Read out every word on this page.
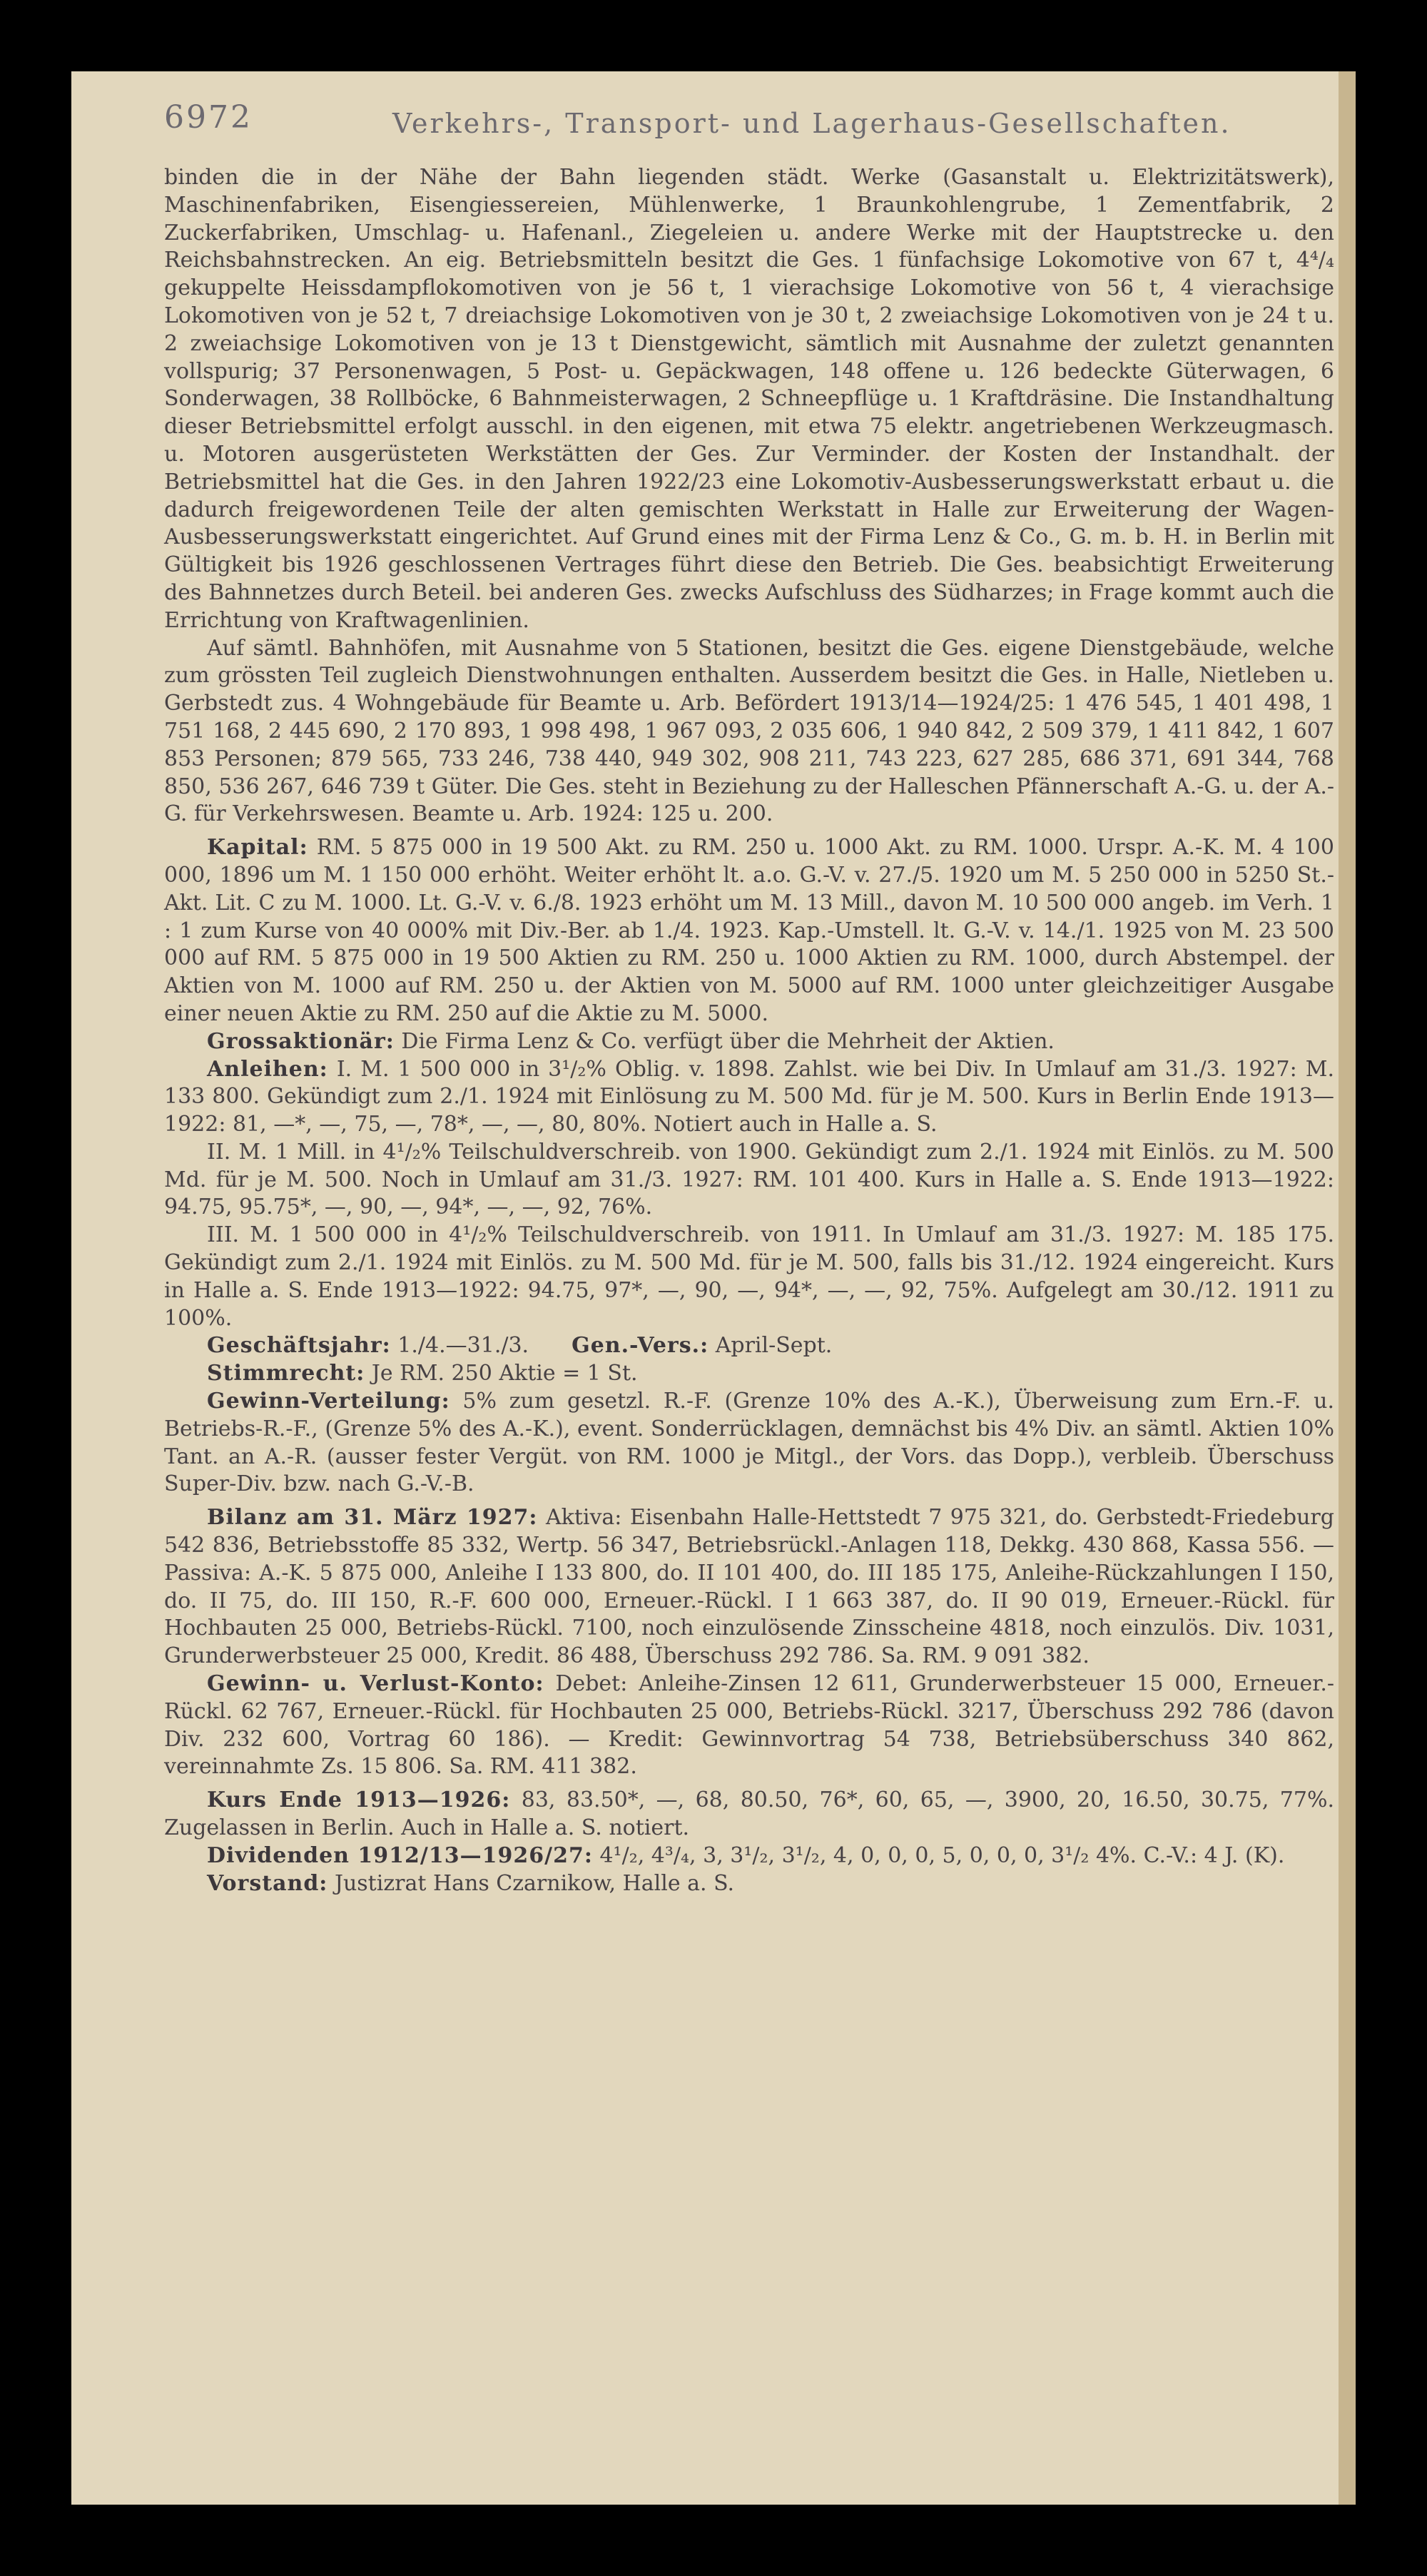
6972	Verkehrs-, Transport- und Lagerhaus-Gesellschaften.

binden die in der Nähe der Bahn liegenden städt. Werke (Gasanstalt u. Elektrizitätswerk), Maschinenfabriken, Eisengiessereien, Mühlenwerke, 1 Braunkohlengrube, 1 Zementfabrik, 2 Zuckerfabriken, Umschlag- u. Hafenanl., Ziegeleien u. andere Werke mit der Hauptstrecke u. den Reichsbahnstrecken. An eig. Betriebsmitteln besitzt die Ges. 1 fünfachsige Lokomotive von 67 t, 4⁴/₄ gekuppelte Heissdampflokomotiven von je 56 t, 1 vierachsige Lokomotive von 56 t, 4 vierachsige Lokomotiven von je 52 t, 7 dreiachsige Lokomotiven von je 30 t, 2 zweiachsige Lokomotiven von je 24 t u. 2 zweiachsige Lokomotiven von je 13 t Dienstgewicht, sämtlich mit Ausnahme der zuletzt genannten vollspurig; 37 Personenwagen, 5 Post- u. Gepäckwagen, 148 offene u. 126 bedeckte Güterwagen, 6 Sonderwagen, 38 Rollböcke, 6 Bahnmeisterwagen, 2 Schneepflüge u. 1 Kraftdräsine. Die Instandhaltung dieser Betriebsmittel erfolgt ausschl. in den eigenen, mit etwa 75 elektr. angetriebenen Werkzeugmasch. u. Motoren ausgerüsteten Werkstätten der Ges. Zur Verminder. der Kosten der Instandhalt. der Betriebsmittel hat die Ges. in den Jahren 1922/23 eine Lokomotiv-Ausbesserungswerkstatt erbaut u. die dadurch freigewordenen Teile der alten gemischten Werkstatt in Halle zur Erweiterung der Wagen-Ausbesserungswerkstatt eingerichtet. Auf Grund eines mit der Firma Lenz & Co., G. m. b. H. in Berlin mit Gültigkeit bis 1926 geschlossenen Vertrages führt diese den Betrieb. Die Ges. beabsichtigt Erweiterung des Bahnnetzes durch Beteil. bei anderen Ges. zwecks Aufschluss des Südharzes; in Frage kommt auch die Errichtung von Kraftwagenlinien.

Auf sämtl. Bahnhöfen, mit Ausnahme von 5 Stationen, besitzt die Ges. eigene Dienstgebäude, welche zum grössten Teil zugleich Dienstwohnungen enthalten. Ausserdem besitzt die Ges. in Halle, Nietleben u. Gerbstedt zus. 4 Wohngebäude für Beamte u. Arb. Befördert 1913/14—1924/25: 1 476 545, 1 401 498, 1 751 168, 2 445 690, 2 170 893, 1 998 498, 1 967 093, 2 035 606, 1 940 842, 2 509 379, 1 411 842, 1 607 853 Personen; 879 565, 733 246, 738 440, 949 302, 908 211, 743 223, 627 285, 686 371, 691 344, 768 850, 536 267, 646 739 t Güter. Die Ges. steht in Beziehung zu der Halleschen Pfännerschaft A.-G. u. der A.-G. für Verkehrswesen. Beamte u. Arb. 1924: 125 u. 200.

Kapital: RM. 5 875 000 in 19 500 Akt. zu RM. 250 u. 1000 Akt. zu RM. 1000. Urspr. A.-K. M. 4 100 000, 1896 um M. 1 150 000 erhöht. Weiter erhöht lt. a.o. G.-V. v. 27./5. 1920 um M. 5 250 000 in 5250 St.-Akt. Lit. C zu M. 1000. Lt. G.-V. v. 6./8. 1923 erhöht um M. 13 Mill., davon M. 10 500 000 angeb. im Verh. 1 : 1 zum Kurse von 40 000% mit Div.-Ber. ab 1./4. 1923. Kap.-Umstell. lt. G.-V. v. 14./1. 1925 von M. 23 500 000 auf RM. 5 875 000 in 19 500 Aktien zu RM. 250 u. 1000 Aktien zu RM. 1000, durch Abstempel. der Aktien von M. 1000 auf RM. 250 u. der Aktien von M. 5000 auf RM. 1000 unter gleichzeitiger Ausgabe einer neuen Aktie zu RM. 250 auf die Aktie zu M. 5000.

Grossaktionär: Die Firma Lenz & Co. verfügt über die Mehrheit der Aktien.

Anleihen: I. M. 1 500 000 in 3¹/₂% Oblig. v. 1898. Zahlst. wie bei Div. In Umlauf am 31./3. 1927: M. 133 800. Gekündigt zum 2./1. 1924 mit Einlösung zu M. 500 Md. für je M. 500. Kurs in Berlin Ende 1913—1922: 81, —*, —, 75, —, 78*, —, —, 80, 80%. Notiert auch in Halle a. S.

II. M. 1 Mill. in 4¹/₂% Teilschuldverschreib. von 1900. Gekündigt zum 2./1. 1924 mit Einlös. zu M. 500 Md. für je M. 500. Noch in Umlauf am 31./3. 1927: RM. 101 400. Kurs in Halle a. S. Ende 1913—1922: 94.75, 95.75*, —, 90, —, 94*, —, —, 92, 76%.

III. M. 1 500 000 in 4¹/₂% Teilschuldverschreib. von 1911. In Umlauf am 31./3. 1927: M. 185 175. Gekündigt zum 2./1. 1924 mit Einlös. zu M. 500 Md. für je M. 500, falls bis 31./12. 1924 eingereicht. Kurs in Halle a. S. Ende 1913—1922: 94.75, 97*, —, 90, —, 94*, —, —, 92, 75%. Aufgelegt am 30./12. 1911 zu 100%.

Geschäftsjahr: 1./4.—31./3.   Gen.-Vers.: April-Sept.

Stimmrecht: Je RM. 250 Aktie = 1 St.

Gewinn-Verteilung: 5% zum gesetzl. R.-F. (Grenze 10% des A.-K.), Überweisung zum Ern.-F. u. Betriebs-R.-F., (Grenze 5% des A.-K.), event. Sonderrücklagen, demnächst bis 4% Div. an sämtl. Aktien 10% Tant. an A.-R. (ausser fester Vergüt. von RM. 1000 je Mitgl., der Vors. das Dopp.), verbleib. Überschuss Super-Div. bzw. nach G.-V.-B.

Bilanz am 31. März 1927: Aktiva: Eisenbahn Halle-Hettstedt 7 975 321, do. Gerbstedt-Friedeburg 542 836, Betriebsstoffe 85 332, Wertp. 56 347, Betriebsrückl.-Anlagen 118, Dekkg. 430 868, Kassa 556. — Passiva: A.-K. 5 875 000, Anleihe I 133 800, do. II 101 400, do. III 185 175, Anleihe-Rückzahlungen I 150, do. II 75, do. III 150, R.-F. 600 000, Erneuer.-Rückl. I 1 663 387, do. II 90 019, Erneuer.-Rückl. für Hochbauten 25 000, Betriebs-Rückl. 7100, noch einzulösende Zinsscheine 4818, noch einzulös. Div. 1031, Grunderwerbsteuer 25 000, Kredit. 86 488, Überschuss 292 786. Sa. RM. 9 091 382.

Gewinn- u. Verlust-Konto: Debet: Anleihe-Zinsen 12 611, Grunderwerbsteuer 15 000, Erneuer.-Rückl. 62 767, Erneuer.-Rückl. für Hochbauten 25 000, Betriebs-Rückl. 3217, Überschuss 292 786 (davon Div. 232 600, Vortrag 60 186). — Kredit: Gewinnvortrag 54 738, Betriebsüberschuss 340 862, vereinnahmte Zs. 15 806. Sa. RM. 411 382.

Kurs Ende 1913—1926: 83, 83.50*, —, 68, 80.50, 76*, 60, 65, —, 3900, 20, 16.50, 30.75, 77%. Zugelassen in Berlin. Auch in Halle a. S. notiert.

Dividenden 1912/13—1926/27: 4¹/₂, 4³/₄, 3, 3¹/₂, 3¹/₂, 4, 0, 0, 0, 5, 0, 0, 0, 3¹/₂ 4%. C.-V.: 4 J. (K).

Vorstand: Justizrat Hans Czarnikow, Halle a. S.
